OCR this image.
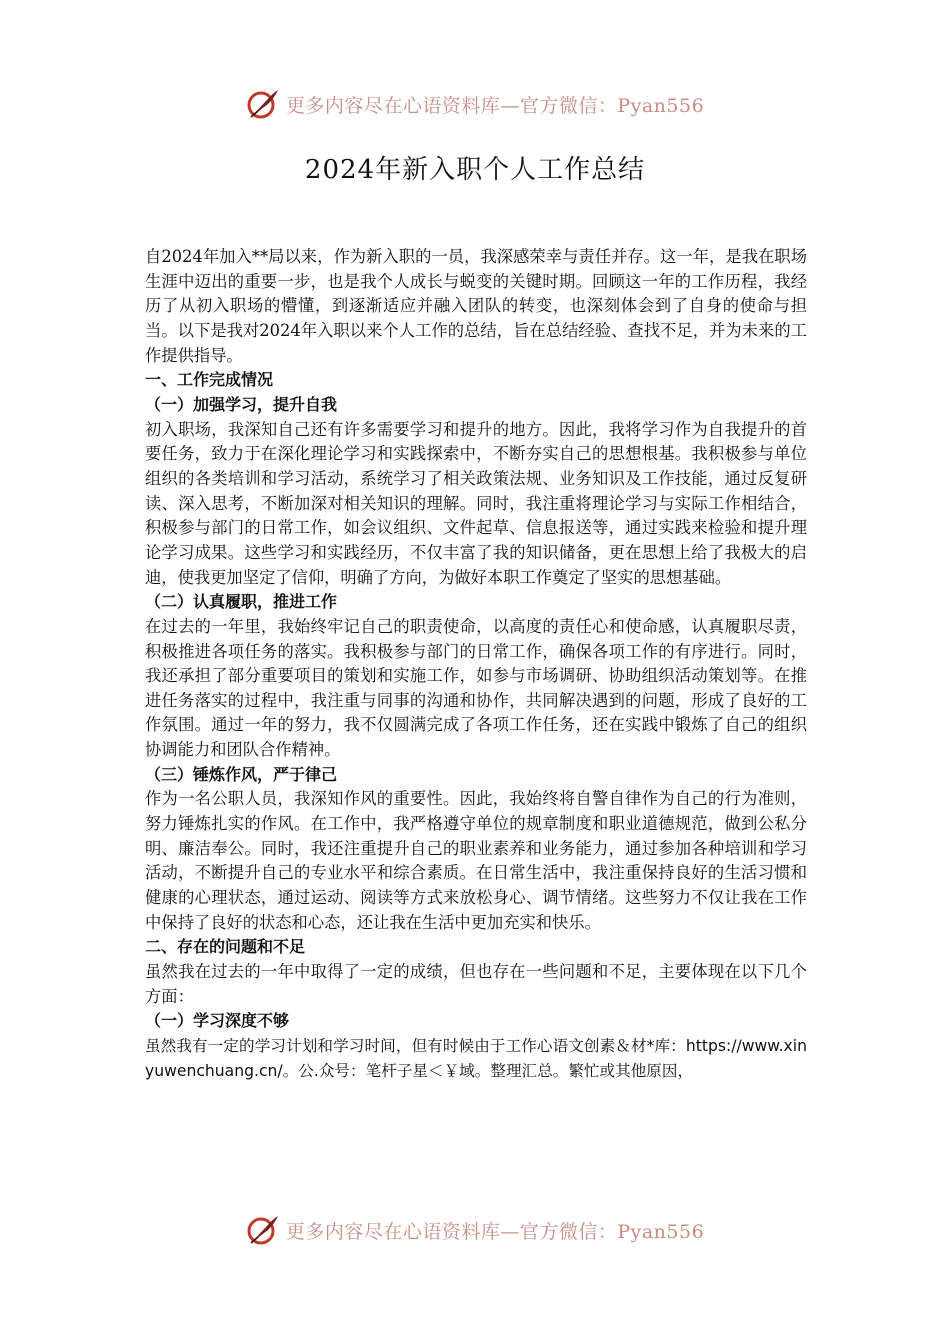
更多内容尽在心语资料库—官方微信：Pyan556
2024年新入职个人工作总结

自2024年加入**局以来，作为新入职的一员，我深感荣幸与责任并存。这一年，是我在职场生涯中迈出的重要一步，也是我个人成长与蜕变的关键时期。回顾这一年的工作历程，我经历了从初入职场的懵懂，到逐渐适应并融入团队的转变，也深刻体会到了自身的使命与担当。以下是我对2024年入职以来个人工作的总结，旨在总结经验、查找不足，并为未来的工作提供指导。

一、工作完成情况

（一）加强学习，提升自我

初入职场，我深知自己还有许多需要学习和提升的地方。因此，我将学习作为自我提升的首要任务，致力于在深化理论学习和实践探索中，不断夯实自己的思想根基。我积极参与单位组织的各类培训和学习活动，系统学习了相关政策法规、业务知识及工作技能，通过反复研读、深入思考，不断加深对相关知识的理解。同时，我注重将理论学习与实际工作相结合，积极参与部门的日常工作，如会议组织、文件起草、信息报送等，通过实践来检验和提升理论学习成果。这些学习和实践经历，不仅丰富了我的知识储备，更在思想上给了我极大的启迪，使我更加坚定了信仰，明确了方向，为做好本职工作奠定了坚实的思想基础。

（二）认真履职，推进工作

在过去的一年里，我始终牢记自己的职责使命，以高度的责任心和使命感，认真履职尽责，积极推进各项任务的落实。我积极参与部门的日常工作，确保各项工作的有序进行。同时，我还承担了部分重要项目的策划和实施工作，如参与市场调研、协助组织活动策划等。在推进任务落实的过程中，我注重与同事的沟通和协作，共同解决遇到的问题，形成了良好的工作氛围。通过一年的努力，我不仅圆满完成了各项工作任务，还在实践中锻炼了自己的组织协调能力和团队合作精神。

（三）锤炼作风，严于律己

作为一名公职人员，我深知作风的重要性。因此，我始终将自警自律作为自己的行为准则，努力锤炼扎实的作风。在工作中，我严格遵守单位的规章制度和职业道德规范，做到公私分明、廉洁奉公。同时，我还注重提升自己的职业素养和业务能力，通过参加各种培训和学习活动，不断提升自己的专业水平和综合素质。在日常生活中，我注重保持良好的生活习惯和健康的心理状态，通过运动、阅读等方式来放松身心、调节情绪。这些努力不仅让我在工作中保持了良好的状态和心态，还让我在生活中更加充实和快乐。

二、存在的问题和不足

虽然我在过去的一年中取得了一定的成绩，但也存在一些问题和不足，主要体现在以下几个方面：

（一）学习深度不够

虽然我有一定的学习计划和学习时间，但有时候由于工作心语文创素＆材*库：https://www.xinyuwenchuang.cn/。公.众号：笔杆子星＜￥域。整理汇总。繁忙或其他原因，

更多内容尽在心语资料库—官方微信：Pyan556
